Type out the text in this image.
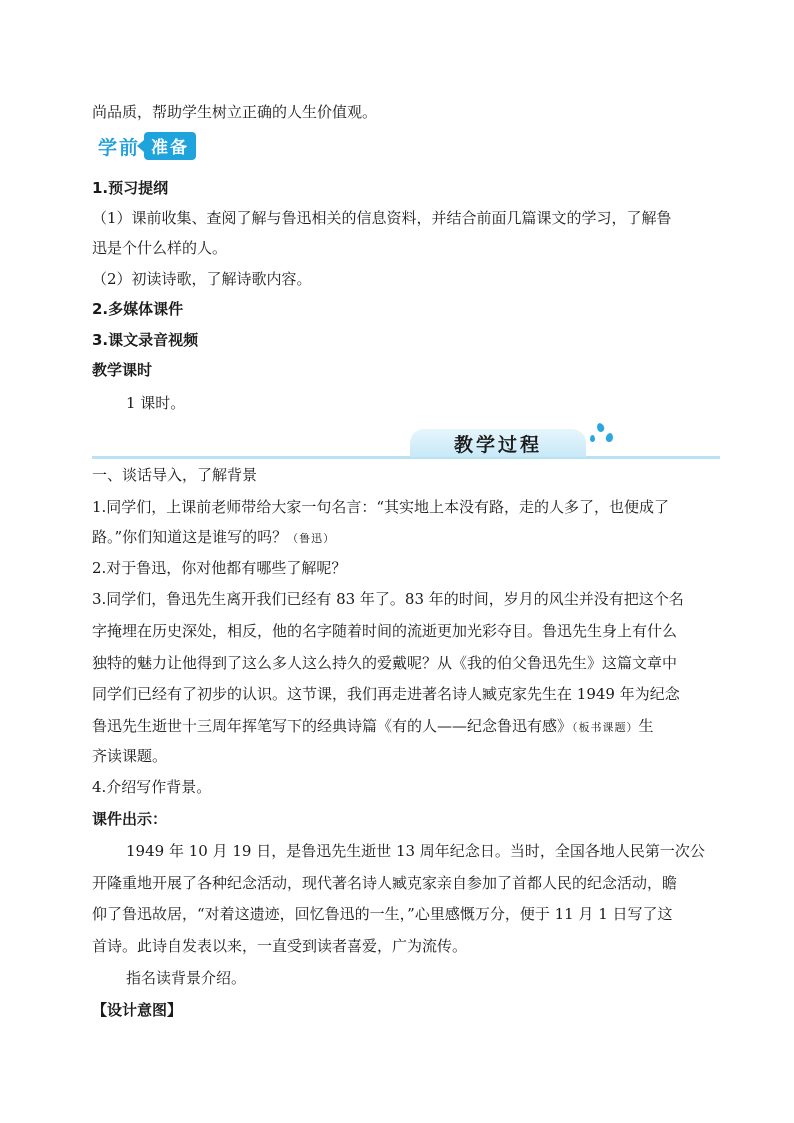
尚品质，帮助学生树立正确的人生价值观。
学前 准备
1.预习提纲
（1）课前收集、查阅了解与鲁迅相关的信息资料，并结合前面几篇课文的学习，了解鲁
迅是个什么样的人。
（2）初读诗歌，了解诗歌内容。
2.多媒体课件
3.课文录音视频
教学课时
1 课时。
教学过程
一、谈话导入，了解背景
1.同学们，上课前老师带给大家一句名言：“其实地上本没有路，走的人多了，也便成了
路。”你们知道这是谁写的吗？（鲁迅）
2.对于鲁迅，你对他都有哪些了解呢？
3.同学们，鲁迅先生离开我们已经有 83 年了。83 年的时间，岁月的风尘并没有把这个名
字掩埋在历史深处，相反，他的名字随着时间的流逝更加光彩夺目。鲁迅先生身上有什么
独特的魅力让他得到了这么多人这么持久的爱戴呢？从《我的伯父鲁迅先生》这篇文章中
同学们已经有了初步的认识。这节课，我们再走进著名诗人臧克家先生在 1949 年为纪念
鲁迅先生逝世十三周年挥笔写下的经典诗篇《有的人——纪念鲁迅有感》（板书课题）生
齐读课题。
4.介绍写作背景。
课件出示：
1949 年 10 月 19 日，是鲁迅先生逝世 13 周年纪念日。当时，全国各地人民第一次公
开隆重地开展了各种纪念活动，现代著名诗人臧克家亲自参加了首都人民的纪念活动，瞻
仰了鲁迅故居，“对着这遗迹，回忆鲁迅的一生，”心里感慨万分，便于 11 月 1 日写了这
首诗。此诗自发表以来，一直受到读者喜爱，广为流传。
指名读背景介绍。
【设计意图】
